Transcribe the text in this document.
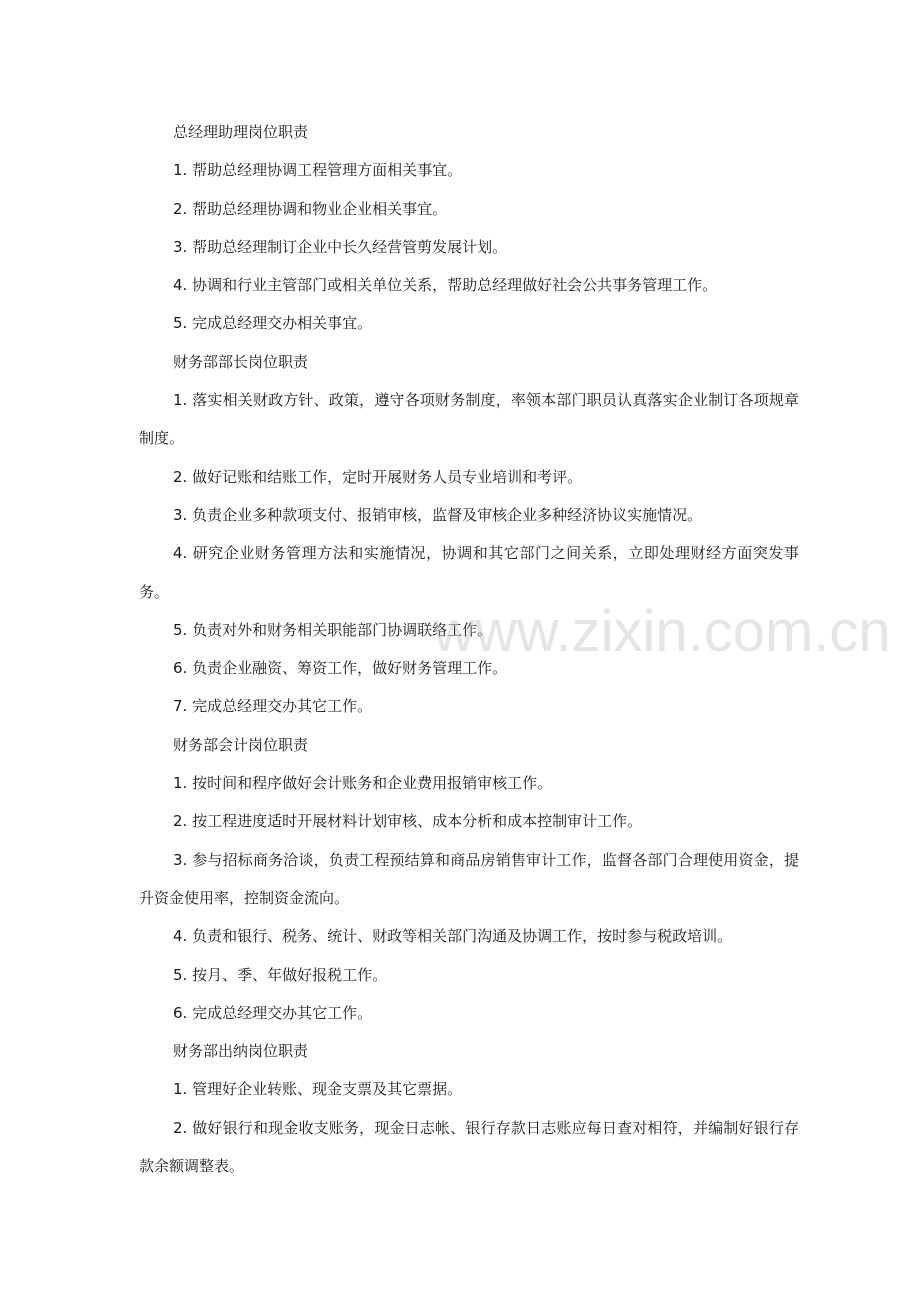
总经理助理岗位职责

1. 帮助总经理协调工程管理方面相关事宜。

2. 帮助总经理协调和物业企业相关事宜。

3. 帮助总经理制订企业中长久经营管剪发展计划。

4. 协调和行业主管部门或相关单位关系，帮助总经理做好社会公共事务管理工作。

5. 完成总经理交办相关事宜。

财务部部长岗位职责

1. 落实相关财政方针、政策，遵守各项财务制度，率领本部门职员认真落实企业制订各项规章制度。

2. 做好记账和结账工作，定时开展财务人员专业培训和考评。

3. 负责企业多种款项支付、报销审核，监督及审核企业多种经济协议实施情况。

4. 研究企业财务管理方法和实施情况，协调和其它部门之间关系，立即处理财经方面突发事务。

5. 负责对外和财务相关职能部门协调联络工作。

6. 负责企业融资、筹资工作，做好财务管理工作。

7. 完成总经理交办其它工作。

财务部会计岗位职责

1. 按时间和程序做好会计账务和企业费用报销审核工作。

2. 按工程进度适时开展材料计划审核、成本分析和成本控制审计工作。

3. 参与招标商务洽谈，负责工程预结算和商品房销售审计工作，监督各部门合理使用资金，提升资金使用率，控制资金流向。

4. 负责和银行、税务、统计、财政等相关部门沟通及协调工作，按时参与税政培训。

5. 按月、季、年做好报税工作。

6. 完成总经理交办其它工作。

财务部出纳岗位职责

1. 管理好企业转账、现金支票及其它票据。

2. 做好银行和现金收支账务，现金日志帐、银行存款日志账应每日查对相符，并编制好银行存款余额调整表。

www.zixin.com.cn
